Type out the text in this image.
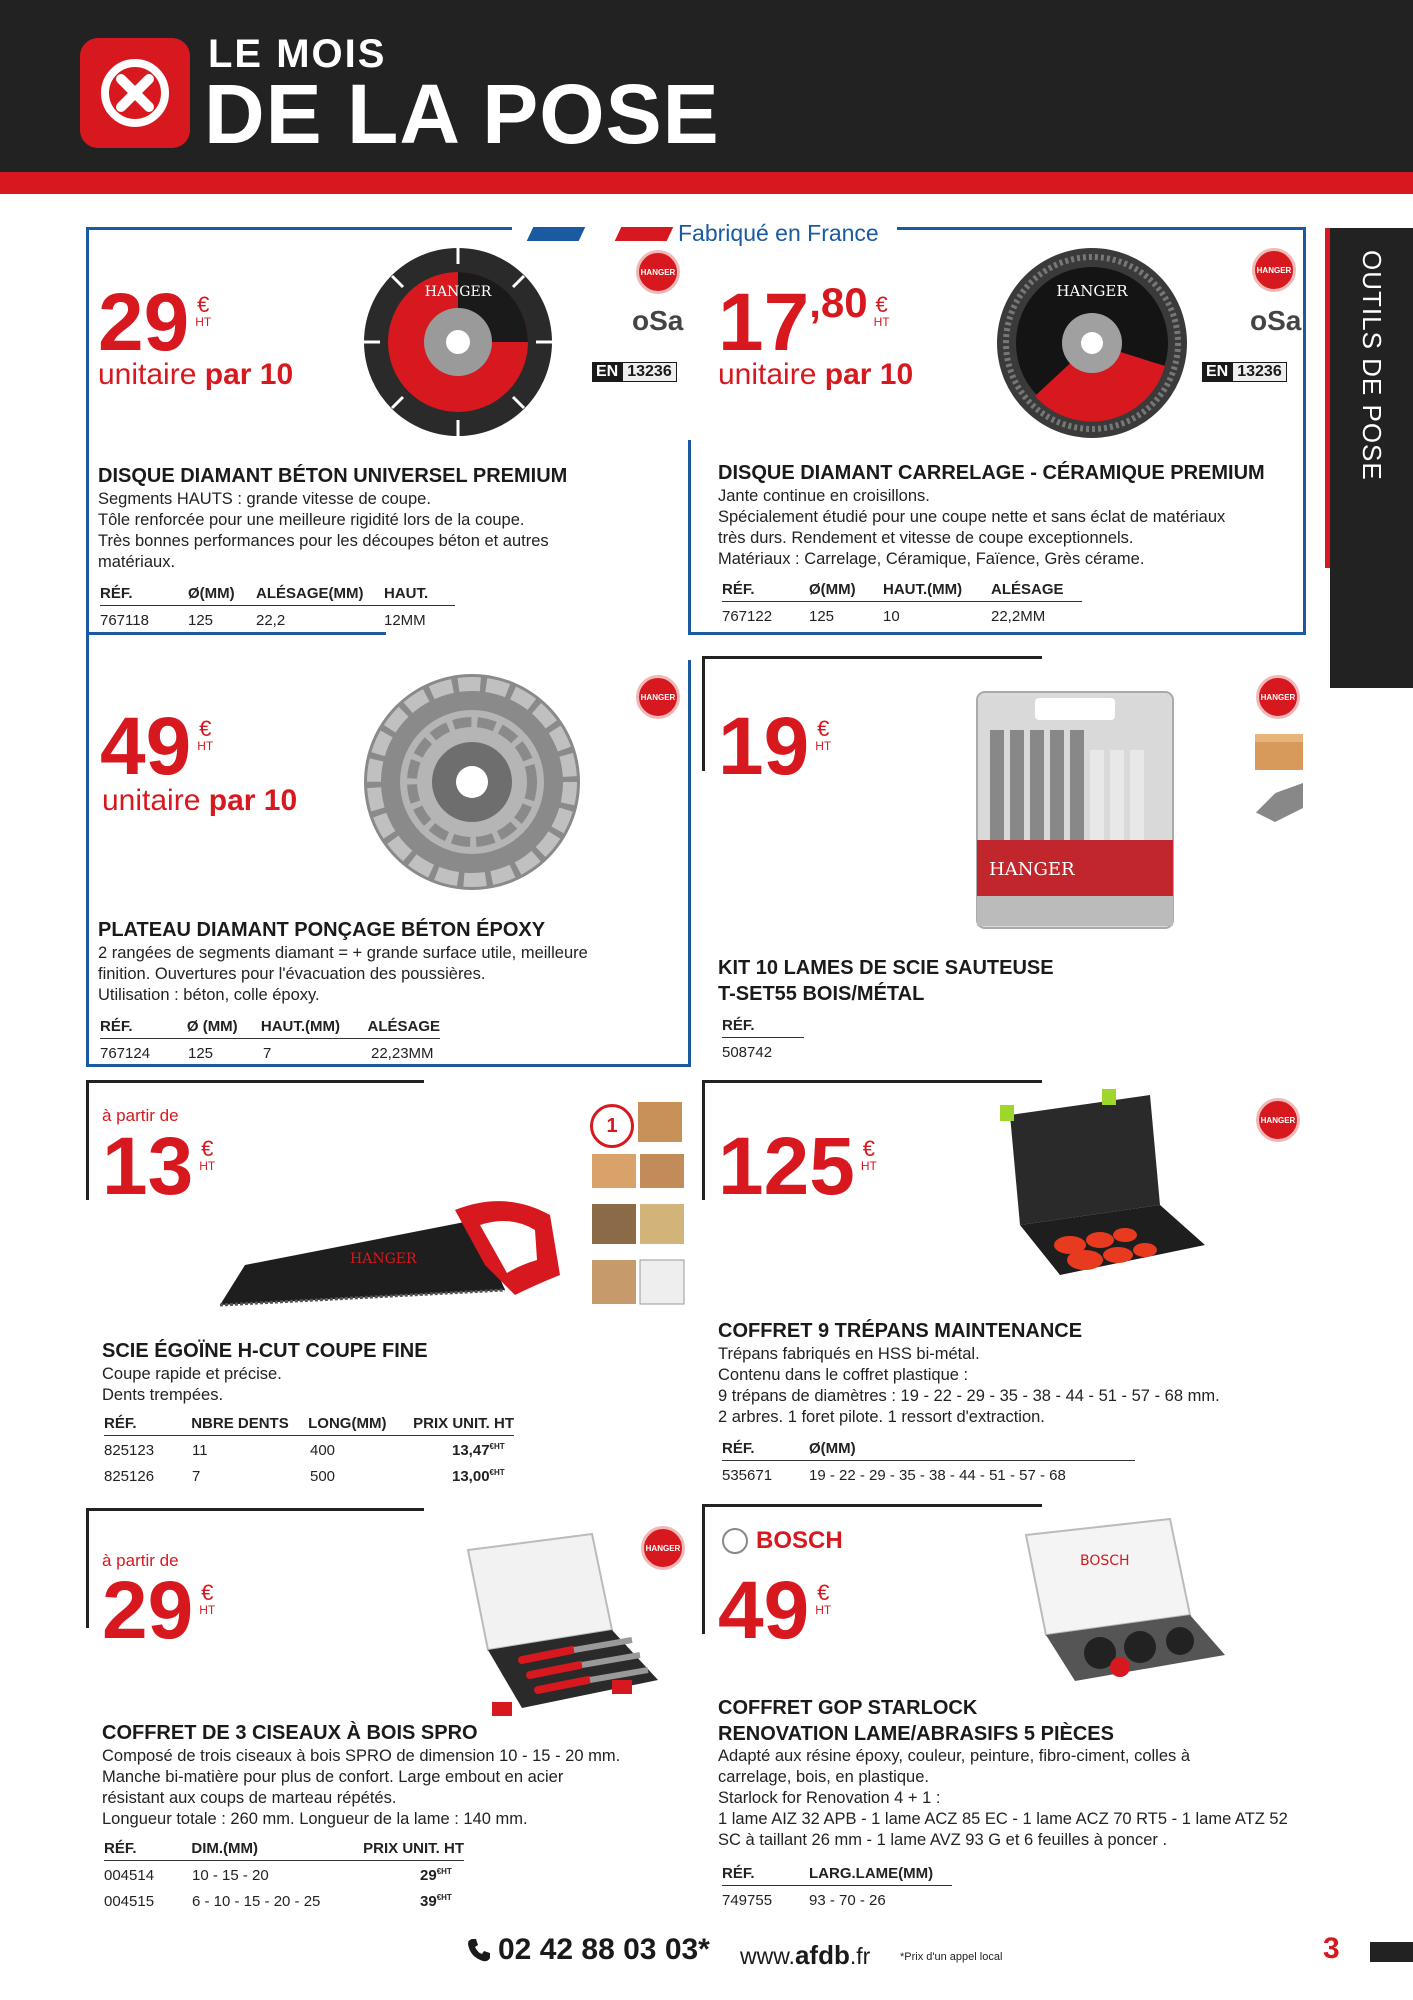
LE MOIS
DE LA POSE
OUTILS DE POSE
Fabriqué en France
29 €
HT
unitaire par 10
HANGER
HANGER
oSa
EN 13236
DISQUE DIAMANT BÉTON UNIVERSEL PREMIUM
Segments HAUTS : grande vitesse de coupe.
Tôle renforcée pour une meilleure rigidité lors de la coupe.
Très bonnes performances pour les découpes béton et autres
matériaux.
RÉF.	Ø(MM)	ALÉSAGE(MM)	HAUT.
767118	125	22,2	12MM
17,80 €
HT
unitaire par 10
HANGER
HANGER
oSa
EN 13236
DISQUE DIAMANT CARRELAGE - CÉRAMIQUE PREMIUM
Jante continue en croisillons.
Spécialement étudié pour une coupe nette et sans éclat de matériaux
très durs. Rendement et vitesse de coupe exceptionnels.
Matériaux : Carrelage, Céramique, Faïence, Grès cérame.
RÉF.	Ø(MM)	HAUT.(MM)	ALÉSAGE
767122	125	10	22,2MM
49 €
HT
unitaire par 10
HANGER
PLATEAU DIAMANT PONÇAGE BÉTON ÉPOXY
2 rangées de segments diamant = + grande surface utile, meilleure
finition. Ouvertures pour l'évacuation des poussières.
Utilisation : béton, colle époxy.
RÉF.	Ø (MM)	HAUT.(MM)	ALÉSAGE
767124	125	7	22,23MM
19 €
HT
HANGER
HANGER
KIT 10 LAMES DE SCIE SAUTEUSE
T-SET55 BOIS/MÉTAL
RÉF.
508742
à partir de
13 €
HT
HANGER
1
SCIE ÉGOÏNE H-CUT COUPE FINE
Coupe rapide et précise.
Dents trempées.
RÉF.	NBRE DENTS	LONG(MM)	PRIX UNIT. HT
825123	11	400	$13,47^{€HT}$
825126	7	500	$13,00^{€HT}$
125 €
HT
HANGER
COFFRET 9 TRÉPANS MAINTENANCE
Trépans fabriqués en HSS bi-métal.
Contenu dans le coffret plastique :
9 trépans de diamètres : 19 - 22 - 29 - 35 - 38 - 44 - 51 - 57 - 68 mm.
2 arbres. 1 foret pilote. 1 ressort d'extraction.
RÉF.	Ø(MM)
535671	19 - 22 - 29 - 35 - 38 - 44 - 51 - 57 - 68
à partir de
29 €
HT
HANGER
COFFRET DE 3 CISEAUX À BOIS SPRO
Composé de trois ciseaux à bois SPRO de dimension 10 - 15 - 20 mm.
Manche bi-matière pour plus de confort. Large embout en acier
résistant aux coups de marteau répétés.
Longueur totale : 260 mm. Longueur de la lame : 140 mm.
RÉF.	DIM.(MM)	PRIX UNIT. HT
004514	10 - 15 - 20	$29^{€HT}$
004515	6 - 10 - 15 - 20 - 25	$39^{€HT}$
BOSCH
49 €
HT
BOSCH
COFFRET GOP STARLOCK
RENOVATION LAME/ABRASIFS 5 PIÈCES
Adapté aux résine époxy, couleur, peinture, fibro-ciment, colles à
carrelage, bois, en plastique.
Starlock for Renovation 4 + 1 :
1 lame AIZ 32 APB - 1 lame ACZ 85 EC - 1 lame ACZ 70 RT5 - 1 lame ATZ 52
SC à taillant 26 mm - 1 lame AVZ 93 G et 6 feuilles à poncer .
RÉF.	LARG.LAME(MM)
749755	93 - 70 - 26
02 42 88 03 03* www.afdb.fr	*Prix d'un appel local	3
